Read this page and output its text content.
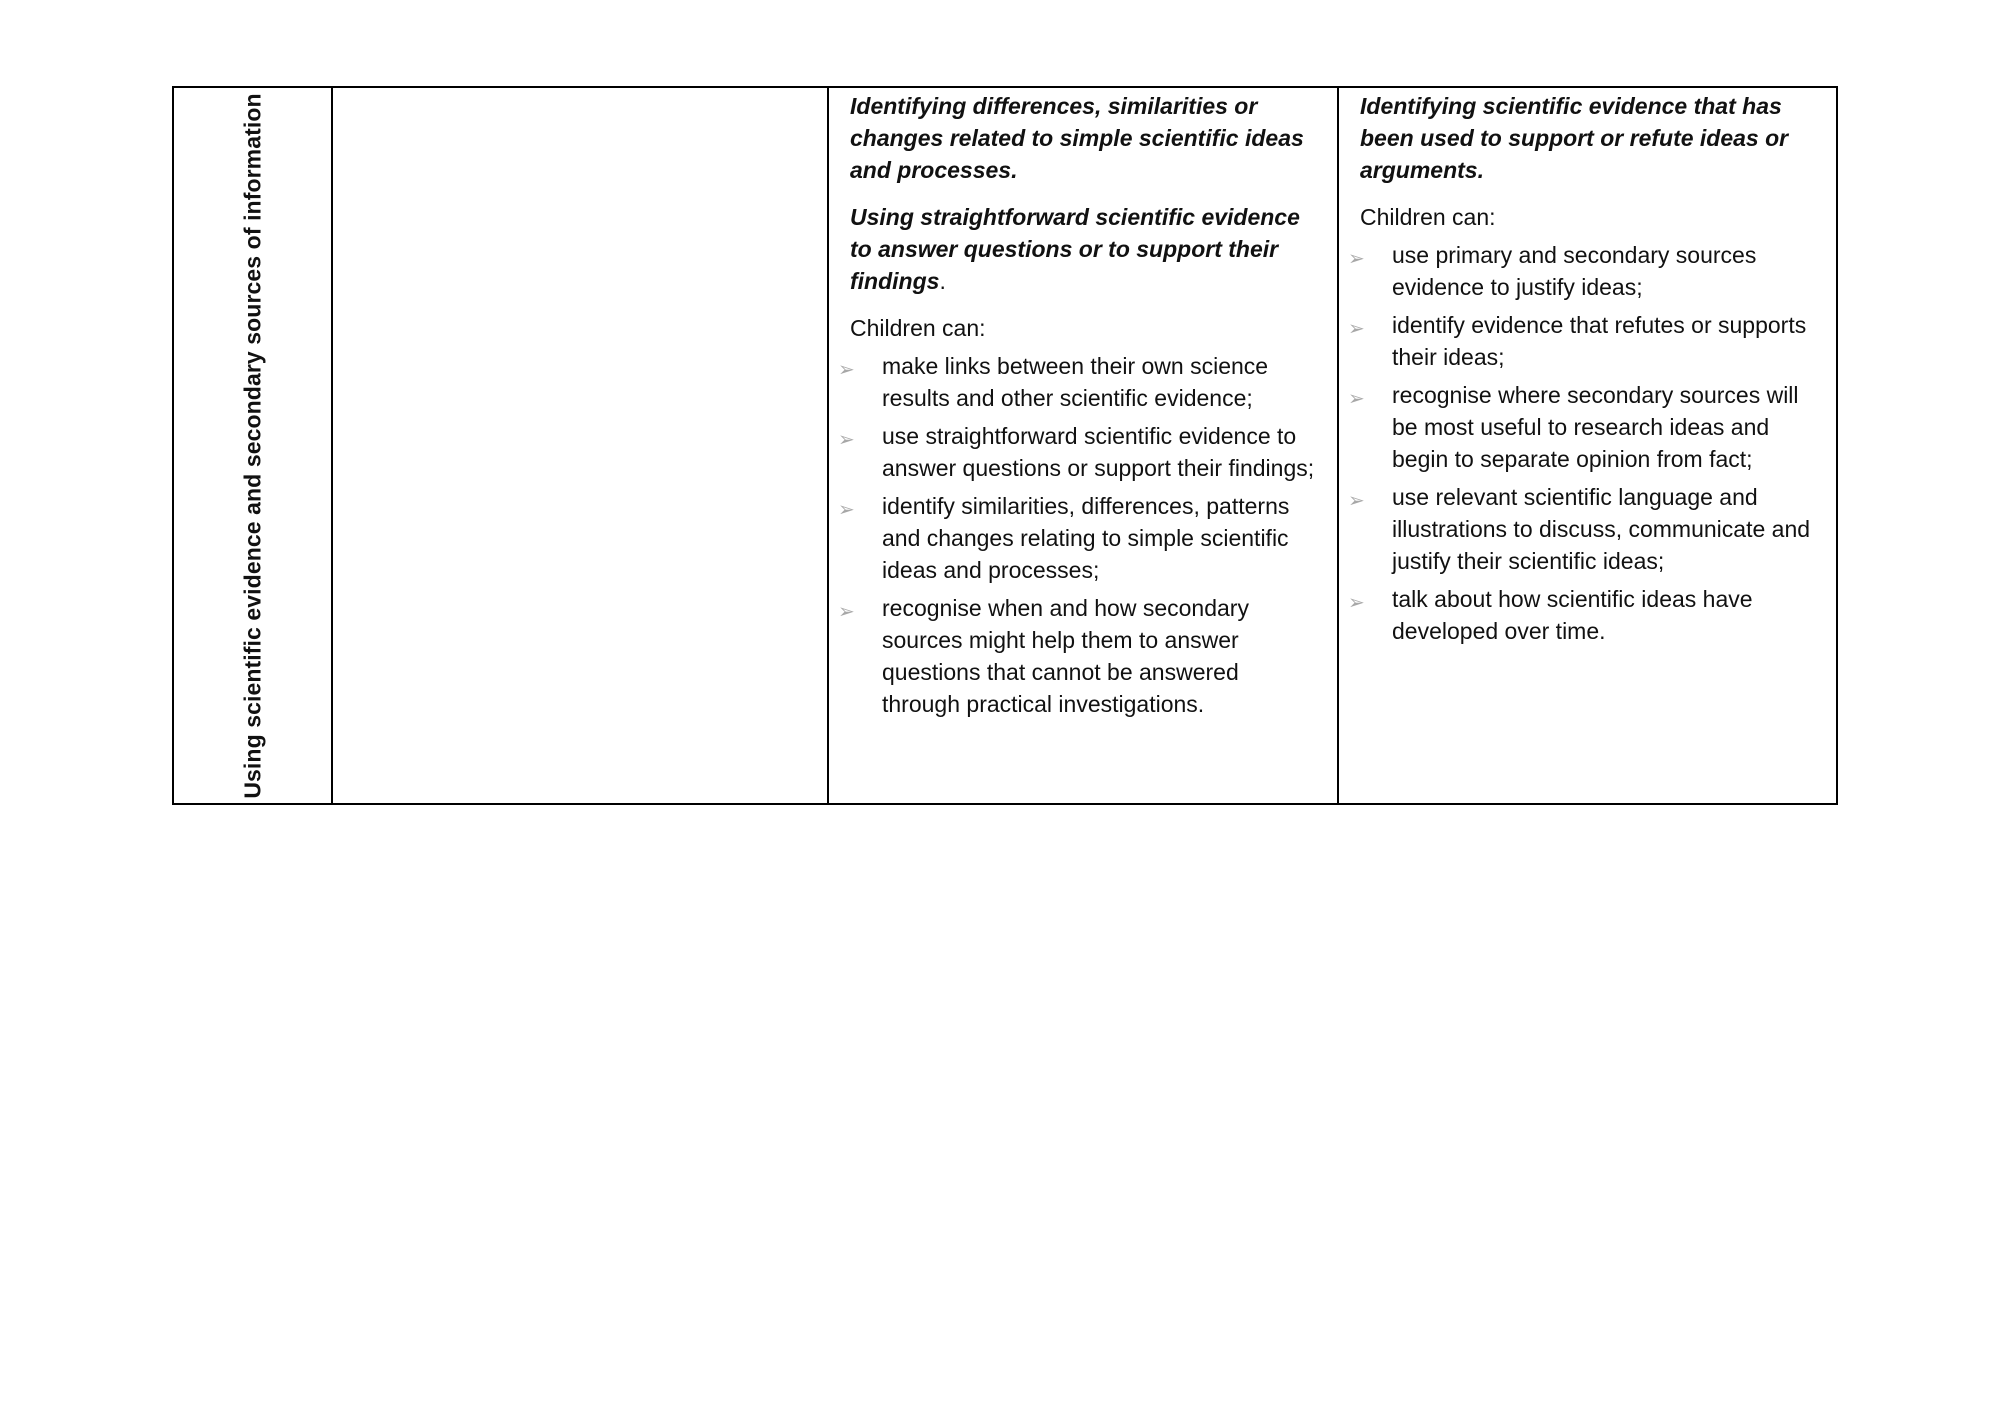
Using scientific evidence and secondary sources of information	Identifying differences, similarities or changes related to simple scientific ideas and processes.

Using straightforward scientific evidence to answer questions or to support their findings.

Children can:

➢ make links between their own science results and other scientific evidence;
➢ use straightforward scientific evidence to answer questions or support their findings;
➢ identify similarities, differences, patterns and changes relating to simple scientific ideas and processes;
➢ recognise when and how secondary sources might help them to answer questions that cannot be answered through practical investigations.

Identifying scientific evidence that has been used to support or refute ideas or arguments.

Children can:

➢ use primary and secondary sources evidence to justify ideas;
➢ identify evidence that refutes or supports their ideas;
➢ recognise where secondary sources will be most useful to research ideas and begin to separate opinion from fact;
➢ use relevant scientific language and illustrations to discuss, communicate and justify their scientific ideas;
➢ talk about how scientific ideas have developed over time.
